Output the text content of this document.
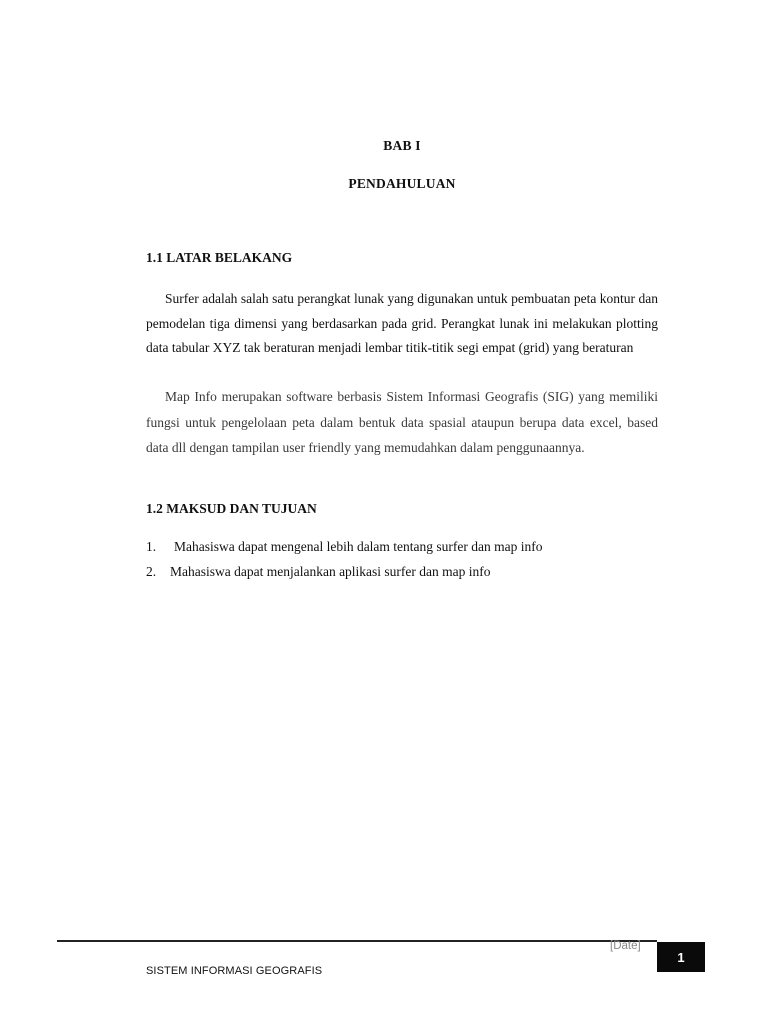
BAB I
PENDAHULUAN
1.1 LATAR BELAKANG
Surfer adalah salah satu perangkat lunak yang digunakan untuk pembuatan peta kontur dan pemodelan tiga dimensi yang berdasarkan pada grid. Perangkat lunak ini melakukan plotting data tabular XYZ tak beraturan menjadi lembar titik-titik segi empat (grid) yang beraturan
Map Info merupakan software berbasis Sistem Informasi Geografis (SIG) yang memiliki fungsi untuk pengelolaan peta dalam bentuk data spasial ataupun berupa data excel, based data dll dengan tampilan user friendly yang memudahkan dalam penggunaannya.
1.2 MAKSUD DAN TUJUAN
1.	Mahasiswa dapat mengenal lebih dalam tentang surfer dan map info
2.	Mahasiswa dapat menjalankan aplikasi surfer dan map info
[Date]
1
SISTEM INFORMASI GEOGRAFIS
